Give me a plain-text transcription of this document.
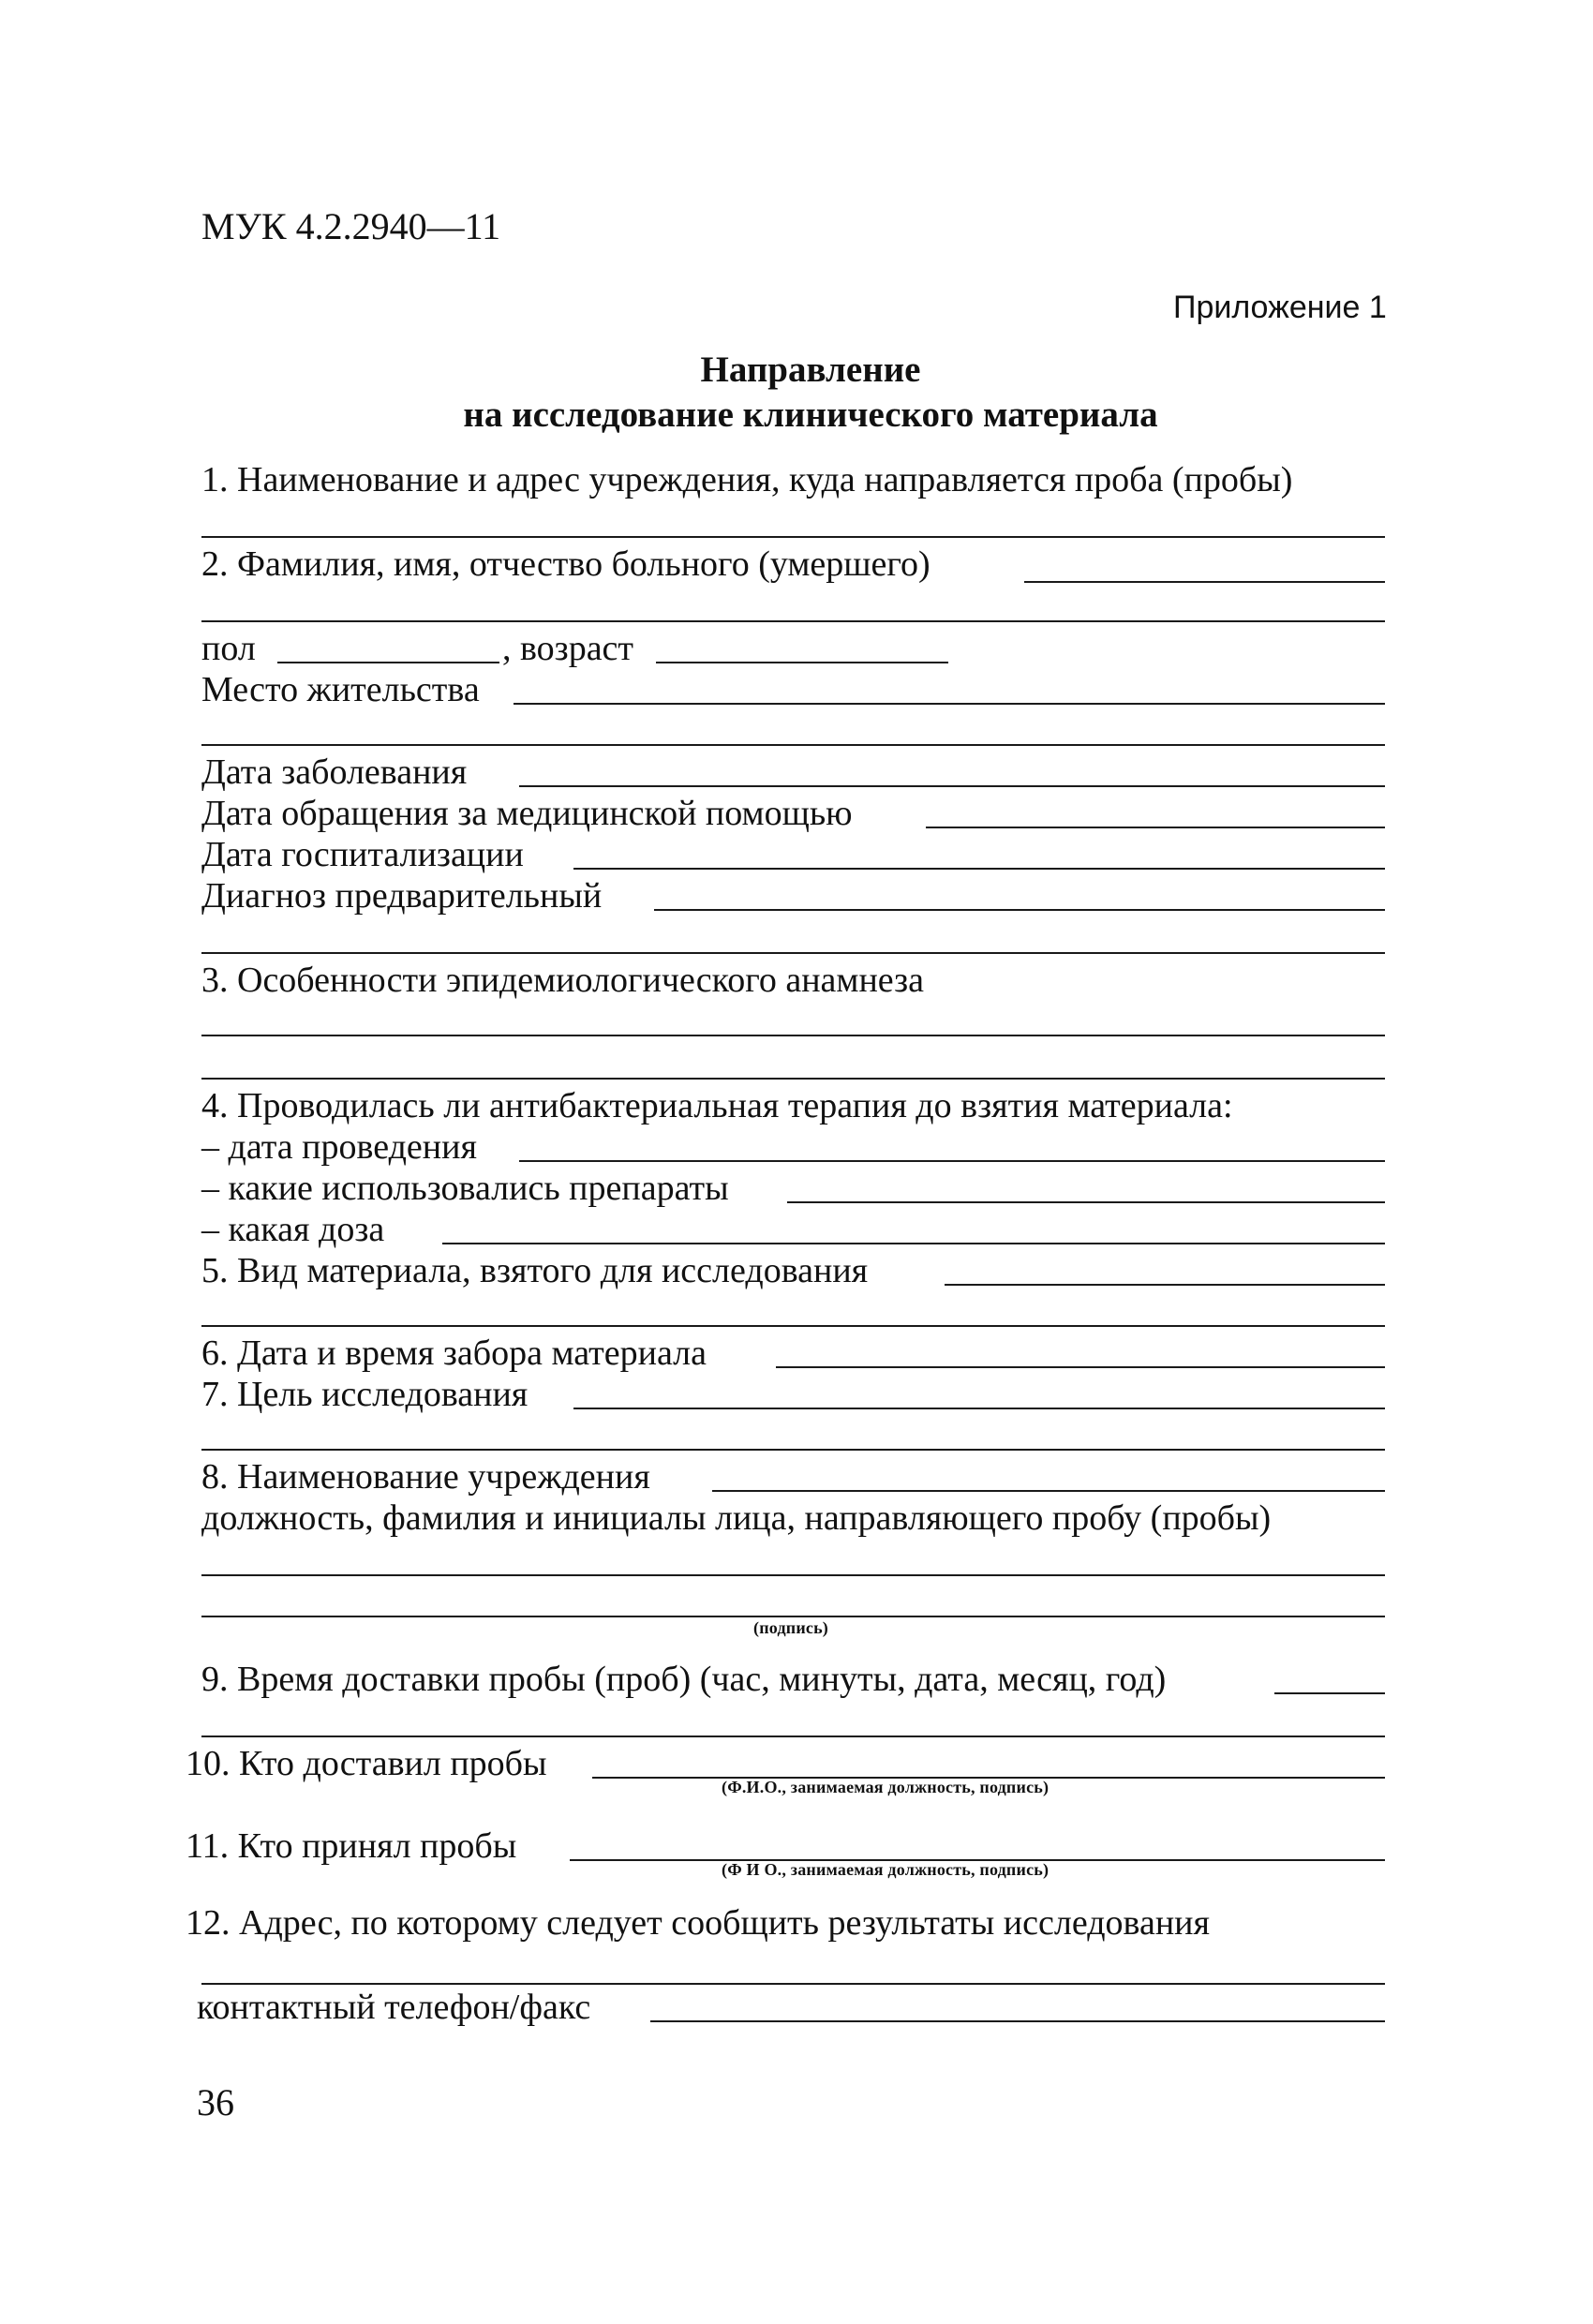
МУК 4.2.2940—11
Приложение 1
Направление
на исследование клинического материала
1. Наименование и адрес учреждения, куда направляется проба (пробы)
2. Фамилия, имя, отчество больного (умершего)
пол	, возраст
Место жительства
Дата заболевания
Дата обращения за медицинской помощью
Дата госпитализации
Диагноз предварительный
3. Особенности эпидемиологического анамнеза
4. Проводилась ли антибактериальная терапия до взятия материала:
– дата проведения
– какие использовались препараты
– какая доза
5. Вид материала, взятого для исследования
6. Дата и время забора материала
7. Цель исследования
8. Наименование учреждения
должность, фамилия и инициалы лица, направляющего пробу (пробы)
(подпись)
9. Время доставки пробы (проб) (час, минуты, дата, месяц, год)
10. Кто доставил пробы
(Ф.И.О., занимаемая должность, подпись)
11. Кто принял пробы
(Ф И О., занимаемая должность, подпись)
12. Адрес, по которому следует сообщить результаты исследования
контактный телефон/факс
36
